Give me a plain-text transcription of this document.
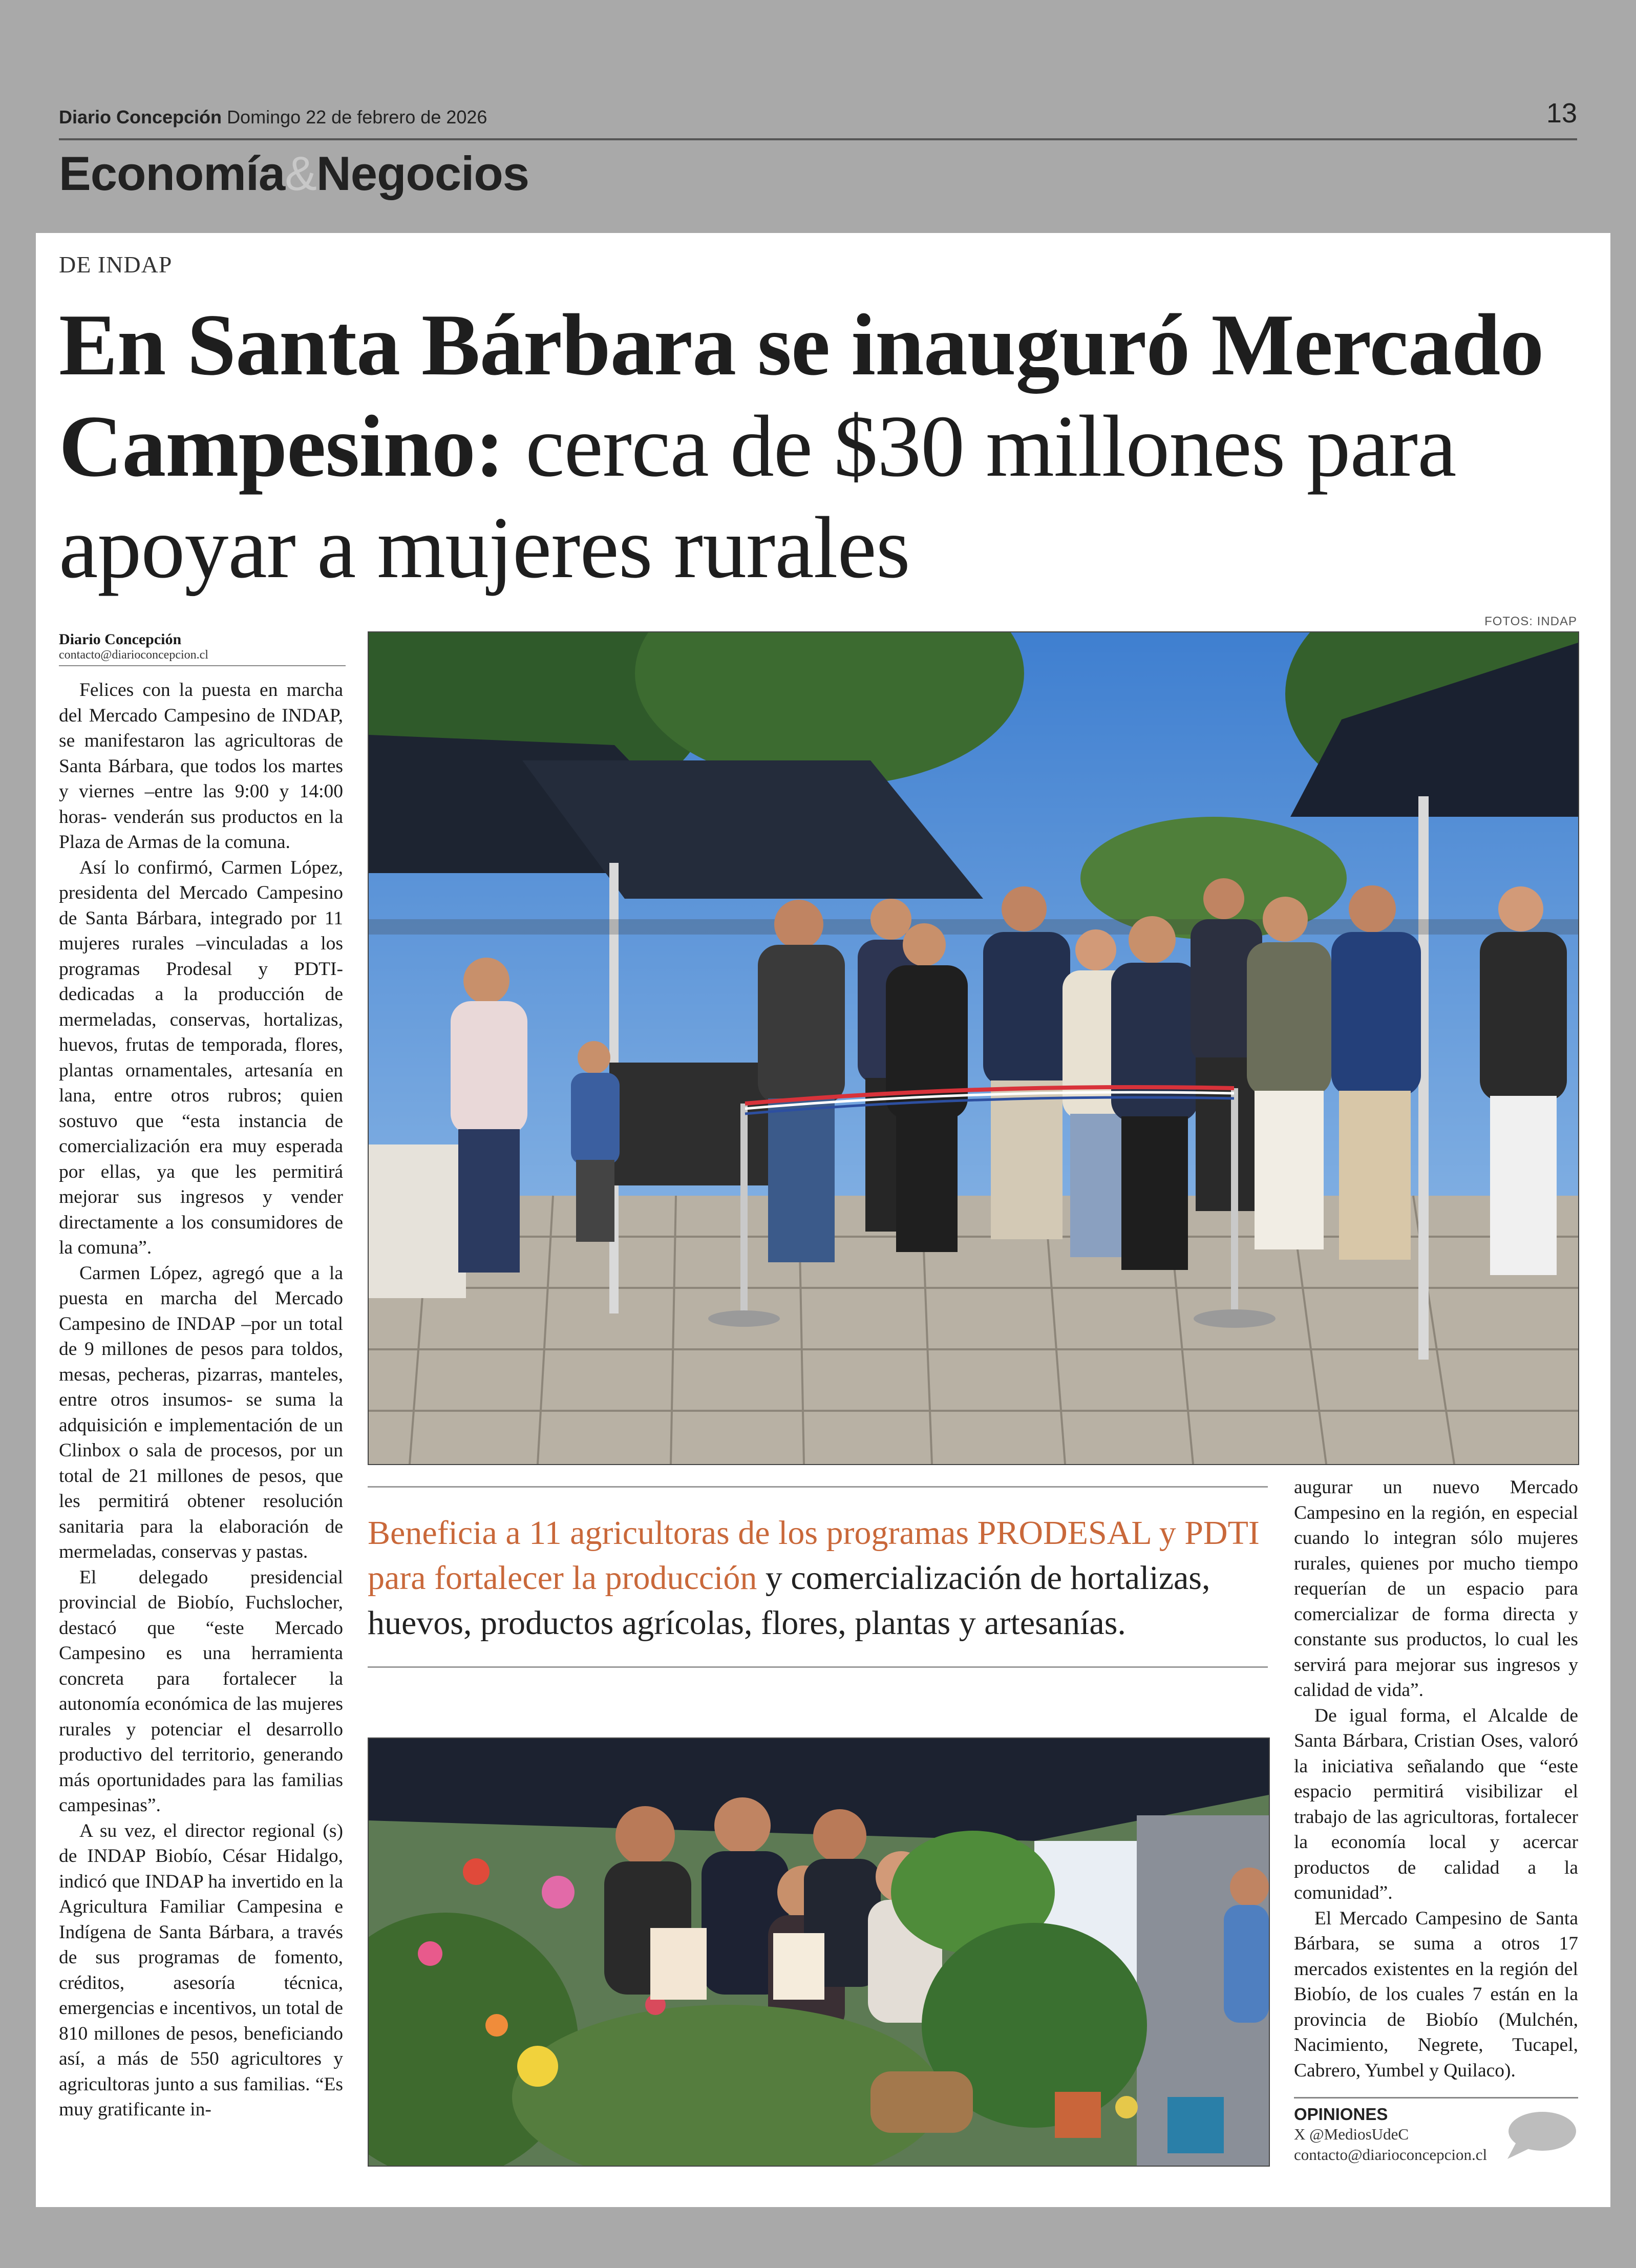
Diario Concepción Domingo 22 de febrero de 2026	13
Economía&Negocios
DE INDAP
En Santa Bárbara se inauguró Mercado Campesino: cerca de $30 millones para apoyar a mujeres rurales
FOTOS: INDAP
Diario Concepción
contacto@diarioconcepcion.cl

Felices con la puesta en marcha del Mercado Campesino de INDAP, se manifestaron las agricultoras de Santa Bárbara, que todos los martes y viernes –entre las 9:00 y 14:00 horas- venderán sus productos en la Plaza de Armas de la comuna.

Así lo confirmó, Carmen López, presidenta del Mercado Campesino de Santa Bárbara, integrado por 11 mujeres rurales –vinculadas a los programas Prodesal y PDTI- dedicadas a la producción de mermeladas, conservas, hortalizas, huevos, frutas de temporada, flores, plantas ornamentales, artesanía en lana, entre otros rubros; quien sostuvo que “esta instancia de comercialización era muy esperada por ellas, ya que les permitirá mejorar sus ingresos y vender directamente a los consumidores de la comuna”.

Carmen López, agregó que a la puesta en marcha del Mercado Campesino de INDAP –por un total de 9 millones de pesos para toldos, mesas, pecheras, pizarras, manteles, entre otros insumos- se suma la adquisición e implementación de un Clinbox o sala de procesos, por un total de 21 millones de pesos, que les permitirá obtener resolución sanitaria para la elaboración de mermeladas, conservas y pastas.

El delegado presidencial provincial de Biobío, Fuchslocher, destacó que “este Mercado Campesino es una herramienta concreta para fortalecer la autonomía económica de las mujeres rurales y potenciar el desarrollo productivo del territorio, generando más oportunidades para las familias campesinas”.

A su vez, el director regional (s) de INDAP Biobío, César Hidalgo, indicó que INDAP ha invertido en la Agricultura Familiar Campesina e Indígena de Santa Bárbara, a través de sus programas de fomento, créditos, asesoría técnica, emergencias e incentivos, un total de 810 millones de pesos, beneficiando así, a más de 550 agricultores y agricultoras junto a sus familias. “Es muy gratificante in-

Beneficia a 11 agricultoras de los programas PRODESAL y PDTI para fortalecer la producción y comercialización de hortalizas, huevos, productos agrícolas, flores, plantas y artesanías.

augurar un nuevo Mercado Campesino en la región, en especial cuando lo integran sólo mujeres rurales, quienes por mucho tiempo requerían de un espacio para comercializar de forma directa y constante sus productos, lo cual les servirá para mejorar sus ingresos y calidad de vida”.

De igual forma, el Alcalde de Santa Bárbara, Cristian Oses, valoró la iniciativa señalando que “este espacio permitirá visibilizar el trabajo de las agricultoras, fortalecer la economía local y acercar productos de calidad a la comunidad”.

El Mercado Campesino de Santa Bárbara, se suma a otros 17 mercados existentes en la región del Biobío, de los cuales 7 están en la provincia de Biobío (Mulchén, Nacimiento, Negrete, Tucapel, Cabrero, Yumbel y Quilaco).

OPINIONES
X @MediosUdeC
contacto@diarioconcepcion.cl
